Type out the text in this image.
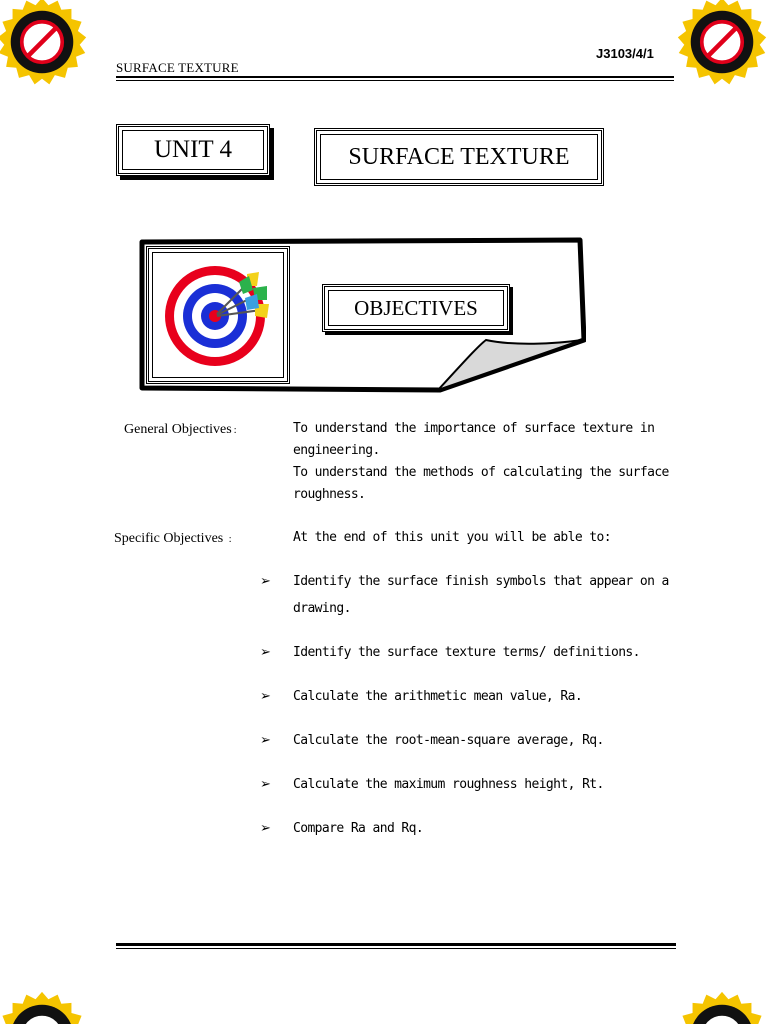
J3103/4/1
SURFACE TEXTURE
UNIT 4	SURFACE TEXTURE
OBJECTIVES
General Objectives :	To understand the importance of surface texture in
engineering.
To understand the methods of calculating the surface
roughness.
Specific Objectives :	At the end of this unit you will be able to:
➢	Identify the surface finish symbols that appear on a drawing.
➢	Identify the surface texture terms/ definitions.
➢	Calculate the arithmetic mean value, Ra.
➢	Calculate the root-mean-square average, Rq.
➢	Calculate the maximum roughness height, Rt.
➢	Compare Ra and Rq.
